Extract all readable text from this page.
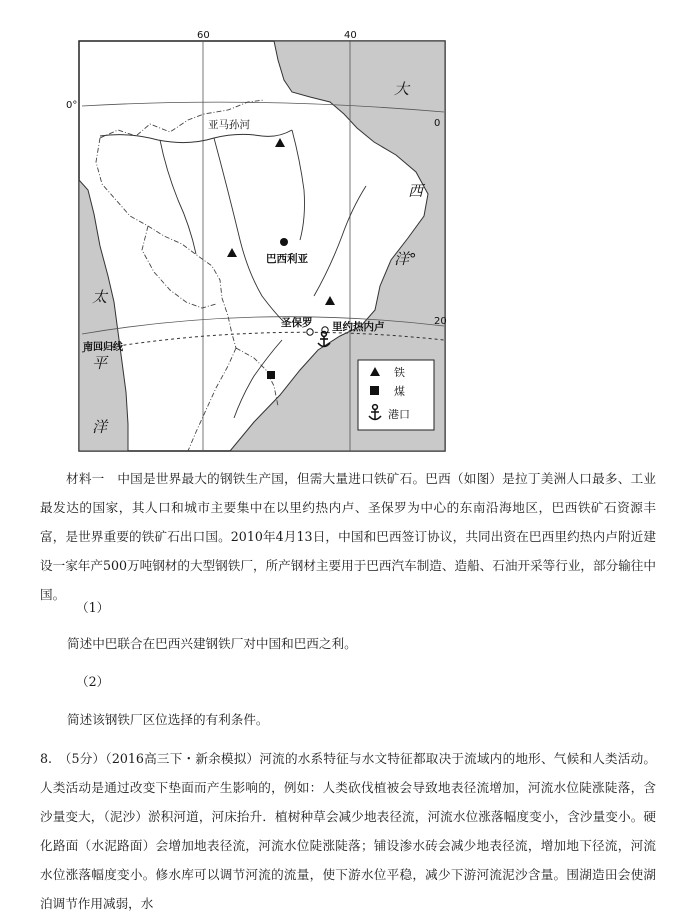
60	40
0°
0
20
亚马孙河
巴西利亚
圣保罗 里约热内卢
南回归线
大
西
洋°
太
平
洋
铁
煤
港口

材料一　中国是世界最大的钢铁生产国，但需大量进口铁矿石。巴西（如图）是拉丁美洲人口最多、工业最发达的国家，其人口和城市主要集中在以里约热内卢、圣保罗为中心的东南沿海地区，巴西铁矿石资源丰富，是世界重要的铁矿石出口国。2010年4月13日，中国和巴西签订协议，共同出资在巴西里约热内卢附近建设一家年产500万吨钢材的大型钢铁厂，所产钢材主要用于巴西汽车制造、造船、石油开采等行业，部分输往中国。

（1）
简述中巴联合在巴西兴建钢铁厂对中国和巴西之利。
（2）
简述该钢铁厂区位选择的有利条件。

8.　（5分）（2016高三下・新余模拟）河流的水系特征与水文特征都取决于流域内的地形、气候和人类活动。人类活动是通过改变下垫面而产生影响的，例如：人类砍伐植被会导致地表径流增加，河流水位陡涨陡落，含沙量变大，（泥沙）淤积河道，河床抬升．植树种草会减少地表径流，河流水位涨落幅度变小，含沙量变小。硬化路面（水泥路面）会增加地表径流，河流水位陡涨陡落；铺设渗水砖会减少地表径流，增加地下径流，河流水位涨落幅度变小。修水库可以调节河流的流量，使下游水位平稳，减少下游河流泥沙含量。围湖造田会使湖泊调节作用减弱，水
